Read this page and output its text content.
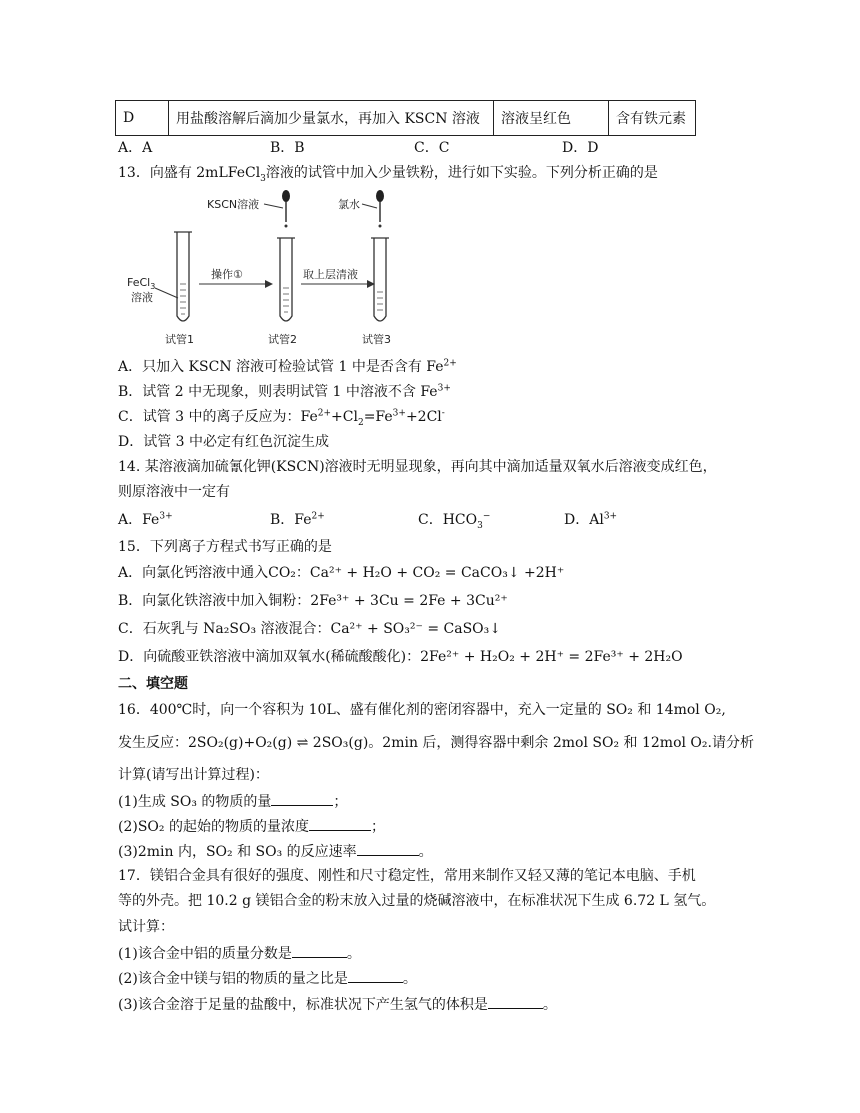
D	用盐酸溶解后滴加少量氯水，再加入 KSCN 溶液	溶液呈红色	含有铁元素
A．A	B．B	C．C	D．D
13．向盛有 2mLFeCl$_3$溶液的试管中加入少量铁粉，进行如下实验。下列分析正确的是
FeCl$_3$
溶液
操作①
KSCN溶液
取上层清液
氯水
试管1	试管2	试管3
A．只加入 KSCN 溶液可检验试管 1 中是否含有 $Fe^{2+}$
B．试管 2 中无现象，则表明试管 1 中溶液不含 $Fe^{3+}$
C．试管 3 中的离子反应为：$Fe^{2+}+Cl_2=Fe^{3+}+2Cl^-$
D．试管 3 中必定有红色沉淀生成
14. 某溶液滴加硫氰化钾(KSCN)溶液时无明显现象，再向其中滴加适量双氧水后溶液变成红色，
则原溶液中一定有
A．$Fe^{3+}$	B．$Fe^{2+}$	C．$HCO_3^-$	D．$Al^{3+}$
15．下列离子方程式书写正确的是
A．向氯化钙溶液中通入CO₂：Ca²⁺ + H₂O + CO₂ = CaCO₃↓ +2H⁺
B．向氯化铁溶液中加入铜粉：2Fe³⁺ + 3Cu = 2Fe + 3Cu²⁺
C．石灰乳与 Na₂SO₃ 溶液混合：Ca²⁺ + SO₃²⁻ = CaSO₃↓
D．向硫酸亚铁溶液中滴加双氧水(稀硫酸酸化)：2Fe²⁺ + H₂O₂ + 2H⁺ = 2Fe³⁺ + 2H₂O
二、填空题
16．400℃时，向一个容积为 10L、盛有催化剂的密闭容器中，充入一定量的 SO₂ 和 14mol O₂,
发生反应：2SO₂(g)+O₂(g) ⇌ 2SO₃(g)。2min 后，测得容器中剩余 2mol SO₂ 和 12mol O₂.请分析
计算(请写出计算过程)：
(1)生成 SO₃ 的物质的量	；
(2)SO₂ 的起始的物质的量浓度	；
(3)2min 内，SO₂ 和 SO₃ 的反应速率	。
17．镁铝合金具有很好的强度、刚性和尺寸稳定性，常用来制作又轻又薄的笔记本电脑、手机
等的外壳。把 10.2 g 镁铝合金的粉末放入过量的烧碱溶液中，在标准状况下生成 6.72 L 氢气。
试计算：
(1)该合金中铝的质量分数是	。
(2)该合金中镁与铝的物质的量之比是	。
(3)该合金溶于足量的盐酸中，标准状况下产生氢气的体积是	。
